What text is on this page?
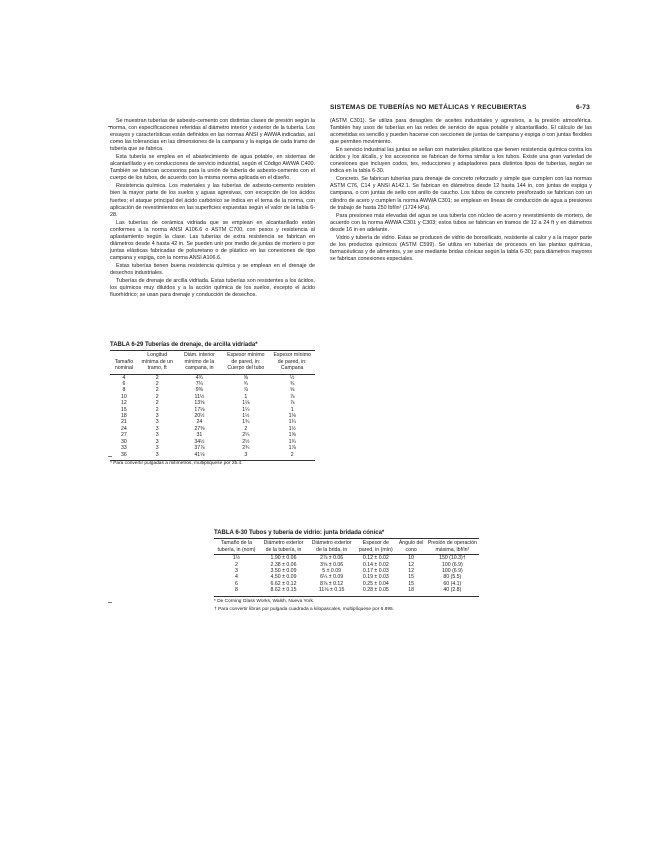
SISTEMAS DE TUBERÍAS NO METÁLICAS Y RECUBIERTAS	6-73

Se muestran tuberías de asbesto-cemento con distintas clases de presión según la norma, con especificaciones referidas al diámetro interior y exterior de la tubería. Los ensayos y características están definidos en las normas ANSI y AWWA indicadas, así como las tolerancias en las dimensiones de la campana y la espiga de cada tramo de tubería que se fabrica.

Esta tubería se emplea en el abastecimiento de agua potable, en sistemas de alcantarillado y en conducciones de servicio industrial, según el Código AWWA C400. También se fabrican accesorios para la unión de tubería de asbesto-cemento con el cuerpo de los tubos, de acuerdo con la misma norma aplicada en el diseño.

Resistencia química. Los materiales y las tuberías de asbesto-cemento resisten bien la mayor parte de los suelos y aguas agresivas, con excepción de los ácidos fuertes; el ataque principal del ácido carbónico se indica en el tema de la norma, con aplicación de revestimientos en las superficies expuestas según el valor de la tabla 6-28.

Las tuberías de cerámica vidriada que se emplean en alcantarillado están conformes a la norma ANSI A106.6 o ASTM C700, con pesos y resistencia al aplastamiento según la clase. Las tuberías de extra resistencia se fabrican en diámetros desde 4 hasta 42 in. Se pueden unir por medio de juntas de mortero o por juntas elásticas fabricadas de poliuretano o de plástico en las conexiones de tipo campana y espiga, con la norma ANSI A106.6.

Estas tuberías tienen buena resistencia química y se emplean en el drenaje de desechos industriales.

Tuberías de drenaje de arcilla vidriada. Estas tuberías son resistentes a los ácidos, los químicos muy diluidos y a la acción química de los suelos, excepto el ácido fluorhídrico; se usan para drenaje y conducción de desechos.

TABLA 6-29 Tuberías de drenaje, de arcilla vidriada*
Tamaño nominal	Longitud mínima de un tramo, ft	Diám. interior mínimo de la campana, in	Espesor mínimo de pared, in: Cuerpo del tubo	Espesor mínimo de pared, in: Campana

4	2	4¾	⅝	½
6	2	7¼	¾	¾
8	2	9⅜	⅞	⅝
10	2	11½	1	⅞
12	2	13⅝	1⅛	⅞
15	2	17⅛	1¼	1
18	3	20½	1½	1⅛
21	3	24	1¾	1¼
24	3	27⅜	2	1½
27	3	31	2¼	1⅝
30	3	34½	2½	1¾
33	3	37⅞	2¾	1⅞
36	3	41⅛	3	2
* Para convertir pulgadas a milímetros, multiplíquese por 25.4.

(ASTM C301). Se utiliza para desagües de aceites industriales y agresivos, a la presión atmosférica. También hay usos de tuberías en las redes de servicio de agua potable y alcantarillado. El cálculo de las acometidas es sencillo y pueden hacerse con secciones de juntas de campana y espiga o con juntas flexibles que permiten movimiento.

En servicio industrial las juntas se sellan con materiales plásticos que tienen resistencia química contra los ácidos y los álcalis, y los accesorios se fabrican de forma similar a los tubos. Existe una gran variedad de conexiones que incluyen codos, tes, reducciones y adaptadores para distintos tipos de tuberías, según se indica en la tabla 6-30.

Concreto. Se fabrican tuberías para drenaje de concreto reforzado y simple que cumplen con las normas ASTM C76, C14 y ANSI A142.1. Se fabrican en diámetros desde 12 hasta 144 in, con juntas de espiga y campana, o con juntas de sello con anillo de caucho. Los tubos de concreto presforzado se fabrican con un cilindro de acero y cumplen la norma AWWA C301; se emplean en líneas de conducción de agua a presiones de trabajo de hasta 250 lbf/in² (1724 kPa).

Para presiones más elevadas del agua se usa tubería con núcleo de acero y revestimiento de mortero, de acuerdo con la norma AWWA C301 y C303; estos tubos se fabrican en tramos de 12 a 24 ft y en diámetros desde 16 in en adelante.

Vidrio y tubería de vidrio. Estas se producen de vidrio de borosilicato, resistente al calor y a la mayor parte de los productos químicos (ASTM C599). Se utiliza en tuberías de procesos en las plantas químicas, farmacéuticas y de alimentos, y se une mediante bridas cónicas según la tabla 6-30; para diámetros mayores se fabrican conexiones especiales.

TABLA 6-30 Tubos y tubería de vidrio: junta bridada cónica*
Tamaño de la tubería, in (nom)	Diámetro exterior de la tubería, in	Diámetro exterior de la brida, in	Espesor de pared, in (mín)	Ángulo del cono	Presión de operación máxima, lbf/in²
1½	1.90 ± 0.06	2⅞ ± 0.06	0.12 ± 0.02	10	150 (10.3)†
2	2.38 ± 0.06	3⅝ ± 0.06	0.14 ± 0.02	12	100 (6.9)
3	3.50 ± 0.09	5 ± 0.09	0.17 ± 0.03	12	100 (6.9)
4	4.50 ± 0.09	6¼ ± 0.09	0.19 ± 0.03	15	80 (5.5)
6	6.62 ± 0.12	8⅞ ± 0.12	0.25 ± 0.04	15	60 (4.1)
8	8.62 ± 0.15	11⅛ ± 0.15	0.28 ± 0.05	18	40 (2.8)
* De Corning Glass Works, Walsh, Nueva York.
† Para convertir libras por pulgada cuadrada a kilopascales, multiplíquese por 6.895.
